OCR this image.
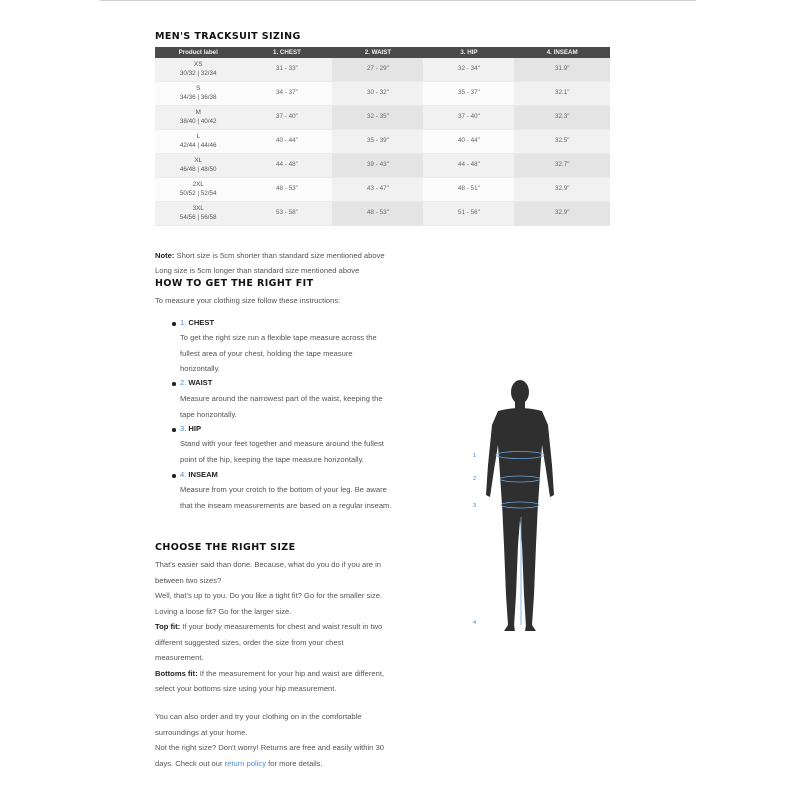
MEN'S TRACKSUIT SIZING
Product label	1. CHEST	2. WAIST	3. HIP	4. INSEAM
XS
30/32 | 32/34	31 - 33"	27 - 29"	32 - 34"	31.9"
S
34/36 | 36/38	34 - 37"	30 - 32"	35 - 37"	32.1"
M
38/40 | 40/42	37 - 40"	32 - 35"	37 - 40"	32.3"
L
42/44 | 44/46	40 - 44"	35 - 39"	40 - 44"	32.5"
XL
46/48 | 48/50	44 - 48"	39 - 43"	44 - 48"	32.7"
2XL
50/52 | 52/54	48 - 53"	43 - 47"	48 - 51"	32.9"
3XL
54/56 | 56/58	53 - 58"	48 - 53"	51 - 56"	32.9"

Note: Short size is 5cm shorter than standard size mentioned above

Long size is 5cm longer than standard size mentioned above

HOW TO GET THE RIGHT FIT

To measure your clothing size follow these instructions:

1. CHEST
To get the right size run a flexible tape measure across the
fullest area of your chest, holding the tape measure
horizontally.
2. WAIST
Measure around the narrowest part of the waist, keeping the
tape horizontally.
3. HIP
Stand with your feet together and measure around the fullest
point of the hip, keeping the tape measure horizontally.
4. INSEAM
Measure from your crotch to the bottom of your leg. Be aware
that the inseam measurements are based on a regular inseam.
CHOOSE THE RIGHT SIZE
That's easier said than done. Because, what do you do if you are in
between two sizes?
Well, that's up to you. Do you like a tight fit? Go for the smaller size.
Loving a loose fit? Go for the larger size.
Top fit: If your body measurements for chest and waist result in two
different suggested sizes, order the size from your chest
measurement.
Bottoms fit: If the measurement for your hip and waist are different,
select your bottoms size using your hip measurement.
You can also order and try your clothing on in the comfortable
surroundings at your home.
Not the right size? Don't worry! Returns are free and easily within 30
days. Check out our return policy for more details.
1
2
3
4
